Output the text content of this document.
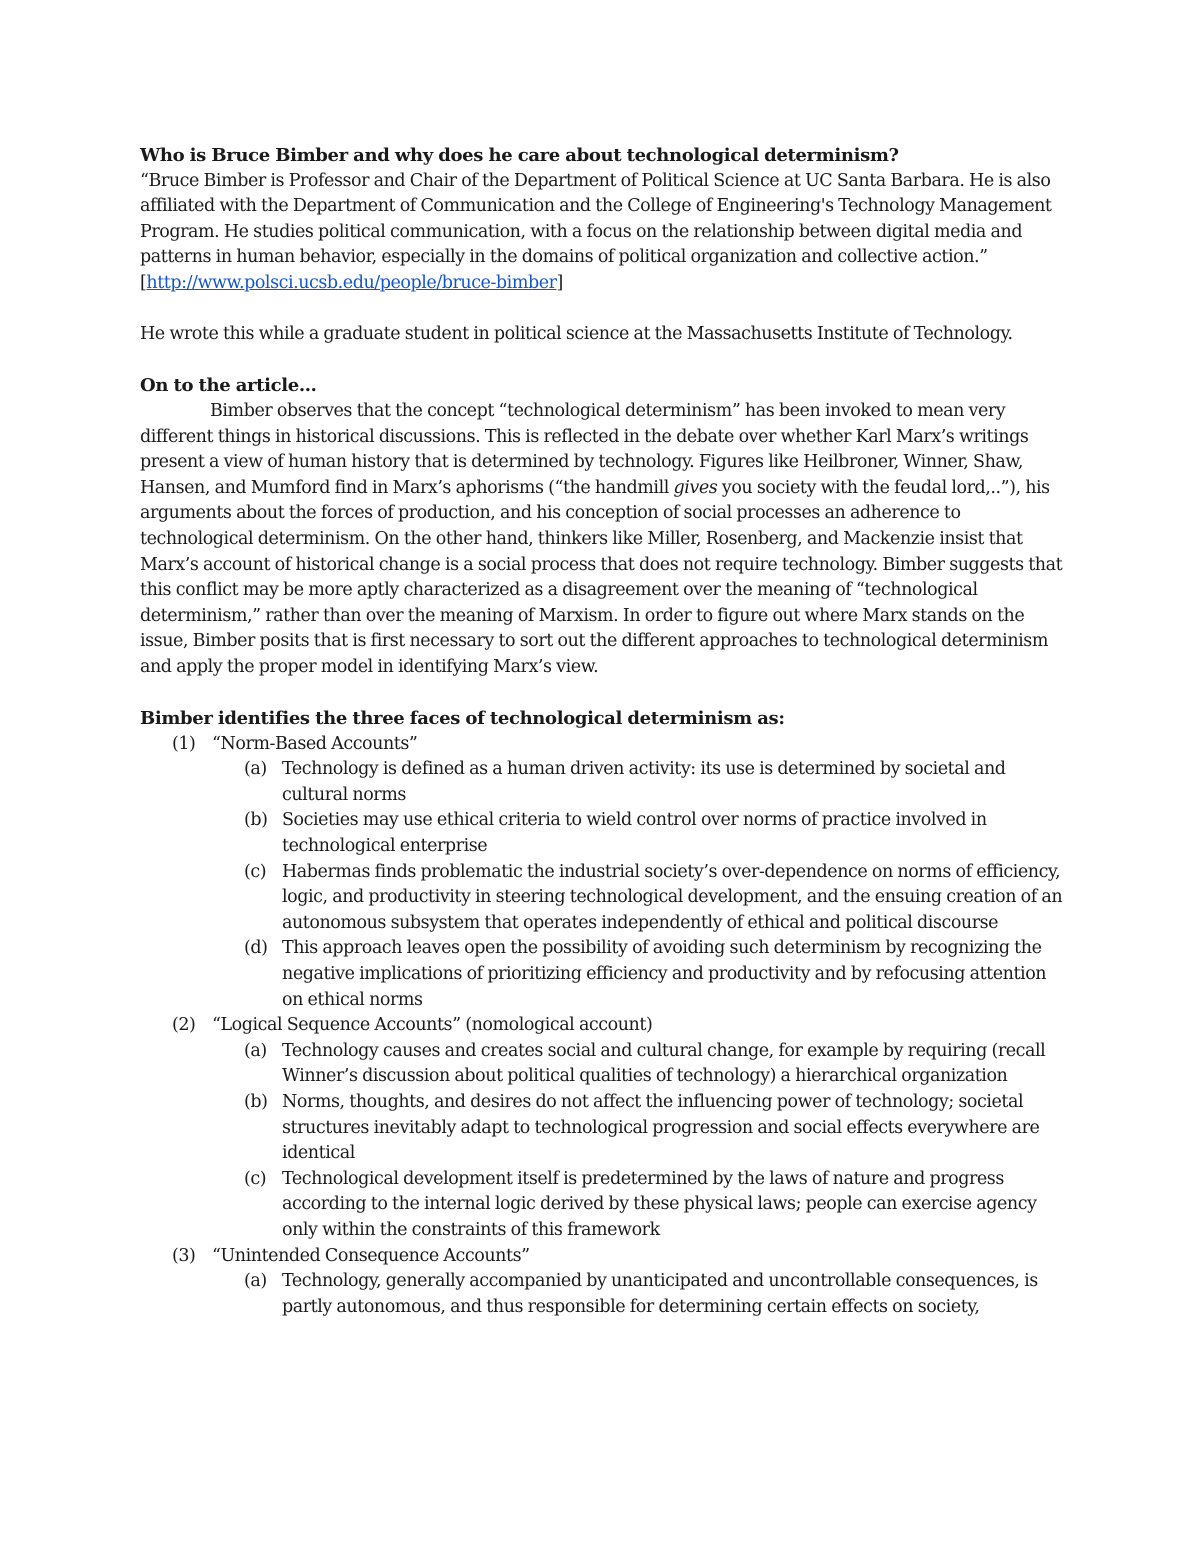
Who is Bruce Bimber and why does he care about technological determinism?

“Bruce Bimber is Professor and Chair of the Department of Political Science at UC Santa Barbara. He is also affiliated with the Department of Communication and the College of Engineering's Technology Management Program. He studies political communication, with a focus on the relationship between digital media and patterns in human behavior, especially in the domains of political organization and collective action.”

[http://www.polsci.ucsb.edu/people/bruce-bimber]

He wrote this while a graduate student in political science at the Massachusetts Institute of Technology.

On to the article…

Bimber observes that the concept “technological determinism” has been invoked to mean very different things in historical discussions. This is reflected in the debate over whether Karl Marx’s writings present a view of human history that is determined by technology. Figures like Heilbroner, Winner, Shaw, Hansen, and Mumford find in Marx’s aphorisms (“the handmill gives you society with the feudal lord,..”), his arguments about the forces of production, and his conception of social processes an adherence to technological determinism. On the other hand, thinkers like Miller, Rosenberg, and Mackenzie insist that Marx’s account of historical change is a social process that does not require technology. Bimber suggests that this conflict may be more aptly characterized as a disagreement over the meaning of “technological determinism,” rather than over the meaning of Marxism. In order to figure out where Marx stands on the issue, Bimber posits that is first necessary to sort out the different approaches to technological determinism and apply the proper model in identifying Marx’s view.

Bimber identifies the three faces of technological determinism as:

(1) “Norm-Based Accounts”
(a) Technology is defined as a human driven activity: its use is determined by societal and cultural norms
(b) Societies may use ethical criteria to wield control over norms of practice involved in technological enterprise
(c) Habermas finds problematic the industrial society’s over-dependence on norms of efficiency, logic, and productivity in steering technological development, and the ensuing creation of an autonomous subsystem that operates independently of ethical and political discourse
(d) This approach leaves open the possibility of avoiding such determinism by recognizing the negative implications of prioritizing efficiency and productivity and by refocusing attention on ethical norms
(2) “Logical Sequence Accounts” (nomological account)
(a) Technology causes and creates social and cultural change, for example by requiring (recall Winner’s discussion about political qualities of technology) a hierarchical organization
(b) Norms, thoughts, and desires do not affect the influencing power of technology; societal structures inevitably adapt to technological progression and social effects everywhere are identical
(c) Technological development itself is predetermined by the laws of nature and progress according to the internal logic derived by these physical laws; people can exercise agency only within the constraints of this framework
(3) “Unintended Consequence Accounts”
(a) Technology, generally accompanied by unanticipated and uncontrollable consequences, is partly autonomous, and thus responsible for determining certain effects on society,
